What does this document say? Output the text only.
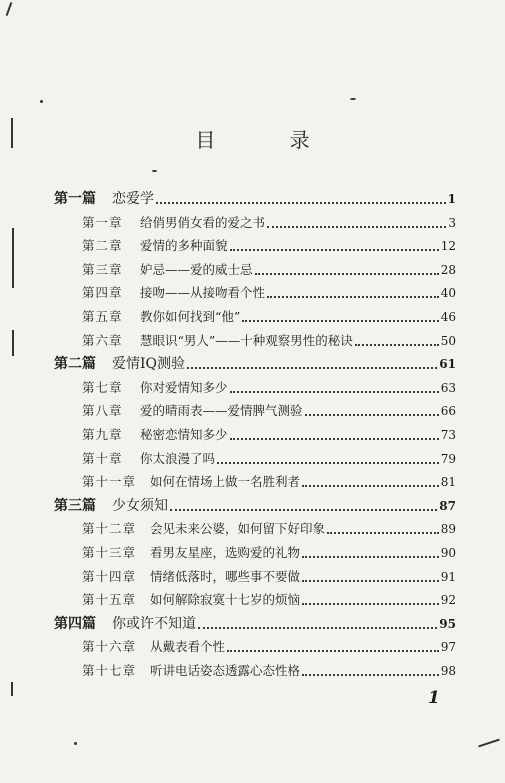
目 录
第一篇	恋爱学	1
第一章	给俏男俏女看的爱之书	3
第二章	爱情的多种面貌	12
第三章	妒忌——爱的威士忌	28
第四章	接吻——从接吻看个性	40
第五章	教你如何找到“他”	46
第六章	慧眼识“男人”——十种观察男性的秘诀	50
第二篇	爱情IQ测验	61
第七章	你对爱情知多少	63
第八章	爱的晴雨表——爱情脾气测验	66
第九章	秘密恋情知多少	73
第十章	你太浪漫了吗	79
第十一章	如何在情场上做一名胜利者	81
第三篇	少女须知	87
第十二章	会见未来公婆，如何留下好印象	89
第十三章	看男友星座，选购爱的礼物	90
第十四章	情绪低落时，哪些事不要做	91
第十五章	如何解除寂寞十七岁的烦恼	92
第四篇	你或许不知道	95
第十六章	从戴表看个性	97
第十七章	听讲电话姿态透露心态性格	98
1
